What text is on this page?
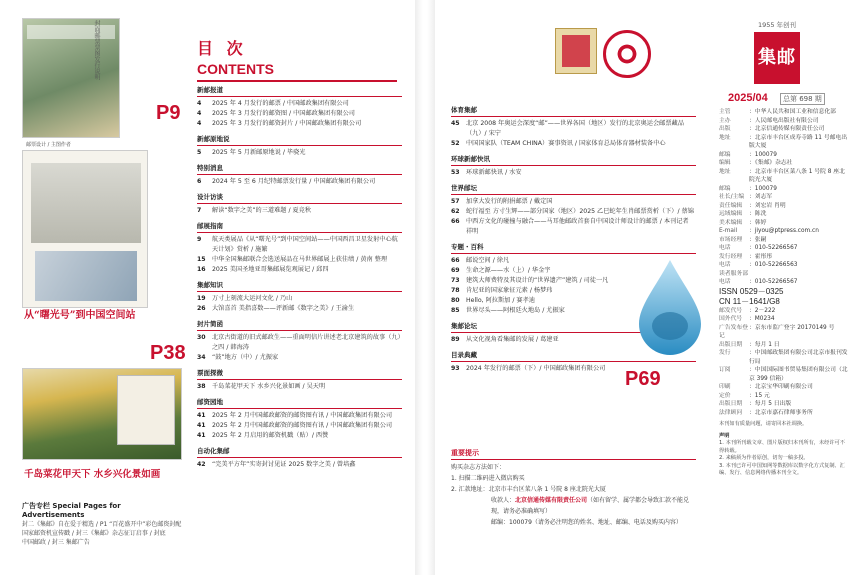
封面邮票票图发行说明
邮票设计 / 主图作者
P9
从“曙光号”到中国空间站
P38
千岛菜花甲天下 水乡兴化景如画
广告专栏 Special Pages for Advertisements
封二《集邮》自在爱于精选 / P1 “百花盛开中”彩色邮资封配
国家邮资机宣传戳 / 封三《集邮》杂志征订启事 / 封底
中国邮政 / 封三 集邮广告
目 次
CONTENTS
新邮报道
4	2025 年 4 月发行的邮票 / 中国邮政集团有限公司
4	2025 年 3 月发行的邮资图 / 中国邮政集团有限公司
4	2025 年 3 月发行的邮资封片 / 中国邮政集团有限公司
新邮原地说
5	2025 年 5 月新邮原地说 / 毕骁光
特别消息
6	2024 年 5 至 6 月纪特邮票发行量 / 中国邮政集团有限公司
设计访谈
7	解读“数字之美”的三道难题 / 夏竞秋
邮展指南
9	航天类展品《从“曙光号”到中国空间站——中国西昌卫星发射中心航天计划》赏析 / 施繁
15	中华全国集邮联合会选送展品在马世界邮展上获佳绩 / 黄南 整理
16	2025 美国圣地亚哥集邮展览观展记 / 邱四
集邮知识
19	万寸上刻流大运河文化 / 乃山
26	大馆喜首 美指喜数——评新邮《数字之美》/ 王渝生
封片简函
30	北京古街道的旧式邮政生——重面明信片讲述老北京建筑的故事（九）之四 / 韩海涛
34	“鼓”地方（中）/ 尤振家
票面探微
38	千岛菜花甲天下 水乡兴化景如画 / 吴天明
邮资园地
41	2025 年 2 月中国邮政邮资的邮资图有讯 / 中国邮政集团有限公司
41	2025 年 2 月中国邮政邮资的邮资图有讯 / 中国邮政集团有限公司
41	2025 年 2 月启用的邮资机戳（贴）/ 西赞
自动化集邮
42	“完美平方年”实寄封讨见证 2025 数字之美 / 曾培鑫
体育集邮
45	北京 2008 年奥运会深度“邮”——世界各国（地区）发行的北京奥运会邮票藏品（九）/ 宋宁
52	中国国家队（TEAM CHINA）赛事资讯 / 国家体育总局体育器材装备中心
环球新邮快讯
53	环球新邮快讯 / 水安
世界邮坛
57	加拿大发行的附捐邮票 / 戴定国
62	蛇行福至 方寸生辉——部分国家（地区）2025 乙巳蛇年生肖邮票赏析（下）/ 蔡锦
66	中西方文化的碰撞与融合——马耳他邮政首套自中国设计师设计的邮票 / 本刊记者 祥明
专题・百科
66	邮说空间 / 徐凡
69	生命之源——水（上）/ 华金宇
73	建筑大师费特及其设计的“世界遗产”建筑 / 司徒一凡
78	肯尼亚的国家象征元素 / 杨梦玮
80	Hello, 阿拉斯加 / 赛孝迪
85	世界尽头——阿根廷火地岛 / 尤振家
集邮论坛
89	从文化视角看集邮的发展 / 葛建亚
目录典藏
93	2024 年发行的邮票（下）/ 中国邮政集团有限公司
1955 年创刊
集邮
2025/04	总第 698 期
P69
重要提示
购买杂志方法如下：
1. 扫描二维码进入微店购买
2. 汇款地址：北京市丰台区菜八条 1 号院 8 座北院光大厦
收款人：北京信通传媒有限责任公司（如有留学、属学都会导致汇款不能兑现，请务必准确填写）
邮编：100079（请务必注明您的姓名、地址、邮编、电话及购买内容）
主管	：中华人民共和国工业和信息化部
主办	：人民邮电出版社有限公司
出版	：北京信通传媒有限责任公司
地址	：北京市丰台区成寿寺路 11 号邮电出版大厦
邮编	：100079
编辑	：《集邮》杂志社
地址	：北京市丰台区菜八条 1 号院 8 座北院光大厦
邮编	：100079
社长/主编 ：刘志军
责任编辑	：刘宏岩 肖明
远域编辑	：陈洗
美术编辑	：韩婷
E-mail	：jiyou@ptpress.com.cn
市场经理	：张嗣
电话	：010-52266567
发行经理	：霍彤彤
电话	：010-52266563
读者服务部
电话	：010-52266567
ISSN 0529－0325
CN 11－1641/G8
邮发代号	：2－222
国外代号	：M0234
广告发布登记
：京东市监广登字 20170149 号
出版日期	：每月 1 日
发行	：中国邮政集团有限公司北京市报刊发行局
订阅	：中国国际图书贸易集团有限公司（北京 399 信箱）
印刷	：北京宝华印刷有限公司
定价	：15 元
出版日期	：每月 5 日出版
法律顾问	：北京市嘉石律师事务所
本刊如有质量问题，请寄回本社调换。
声明
1. 本刊所刊载文章、图片版权归本刊所有，未经许可不得转载。
2. 来稿须为作者原创，切勿一稿多投。
3. 本刊已许可中国知网等数据库以数字化方式复制、汇编、发行、信息网络传播本刊全文。
